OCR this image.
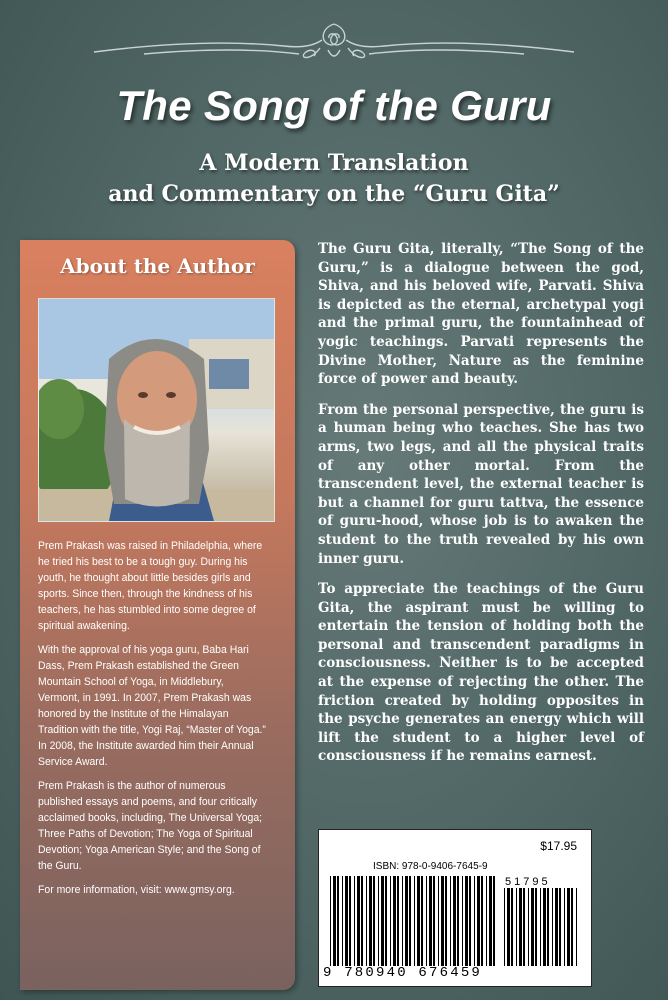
The Song of the Guru

A Modern Translation

and Commentary on the “Guru Gita”

About the Author

Prem Prakash was raised in Philadelphia, where he tried his best to be a tough guy. During his youth, he thought about little besides girls and sports. Since then, through the kindness of his teachers, he has stumbled into some degree of spiritual awakening.

With the approval of his yoga guru, Baba Hari Dass, Prem Prakash established the Green Mountain School of Yoga, in Middlebury, Vermont, in 1991. In 2007, Prem Prakash was honored by the Institute of the Himalayan Tradition with the title, Yogi Raj, “Master of Yoga.” In 2008, the Institute awarded him their Annual Service Award.

Prem Prakash is the author of numerous published essays and poems, and four critically acclaimed books, including, The Universal Yoga; Three Paths of Devotion; The Yoga of Spiritual Devotion; Yoga American Style; and the Song of the Guru.

For more information, visit: www.gmsy.org.

The Guru Gita, literally, “The Song of the Guru,” is a dialogue between the god, Shiva, and his beloved wife, Parvati. Shiva is depicted as the eternal, archetypal yogi and the primal guru, the fountainhead of yogic teachings. Parvati represents the Divine Mother, Nature as the feminine force of power and beauty.

From the personal perspective, the guru is a human being who teaches. She has two arms, two legs, and all the physical traits of any other mortal. From the transcendent level, the external teacher is but a channel for guru tattva, the essence of guru-hood, whose job is to awaken the student to the truth revealed by his own inner guru.

To appreciate the teachings of the Guru Gita, the aspirant must be willing to entertain the tension of holding both the personal and transcendent paradigms in consciousness. Neither is to be accepted at the expense of rejecting the other. The friction created by holding opposites in the psyche generates an energy which will lift the student to a higher level of consciousness if he remains earnest.

$17.95
ISBN: 978-0-9406-7645-9
51795
9 780940 676459
